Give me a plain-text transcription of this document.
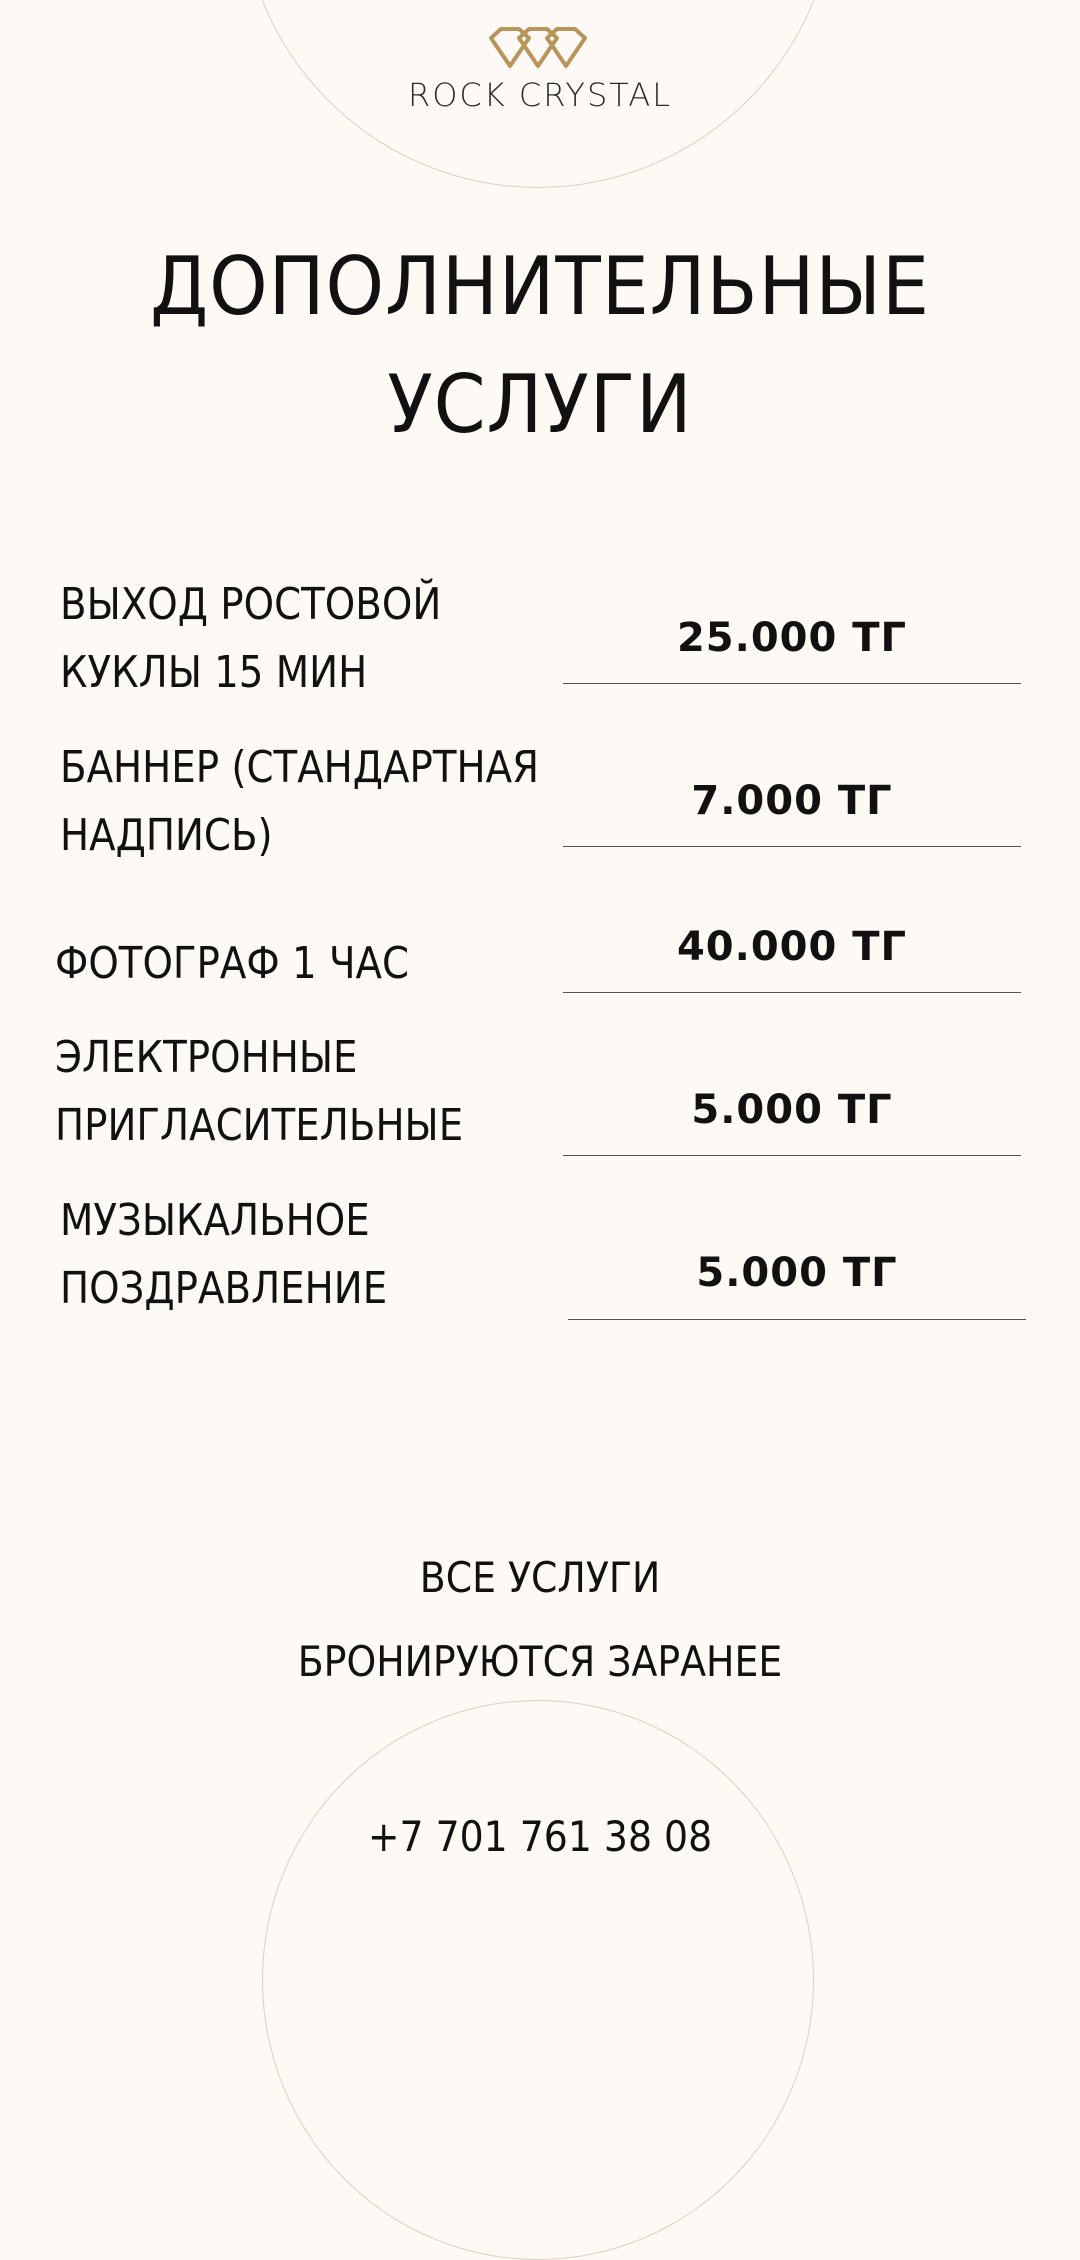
ROCK CRYSTAL
ДОПОЛНИТЕЛЬНЫЕ
УСЛУГИ
ВЫХОД РОСТОВОЙ
КУКЛЫ 15 МИН
25.000 ТГ
БАННЕР (СТАНДАРТНАЯ
НАДПИСЬ)
7.000 ТГ
ФОТОГРАФ 1 ЧАС	40.000 ТГ
ЭЛЕКТРОННЫЕ
ПРИГЛАСИТЕЛЬНЫЕ	5.000 ТГ
МУЗЫКАЛЬНОЕ
ПОЗДРАВЛЕНИЕ	5.000 ТГ
ВСЕ УСЛУГИ
БРОНИРУЮТСЯ ЗАРАНЕЕ
+7 701 761 38 08
